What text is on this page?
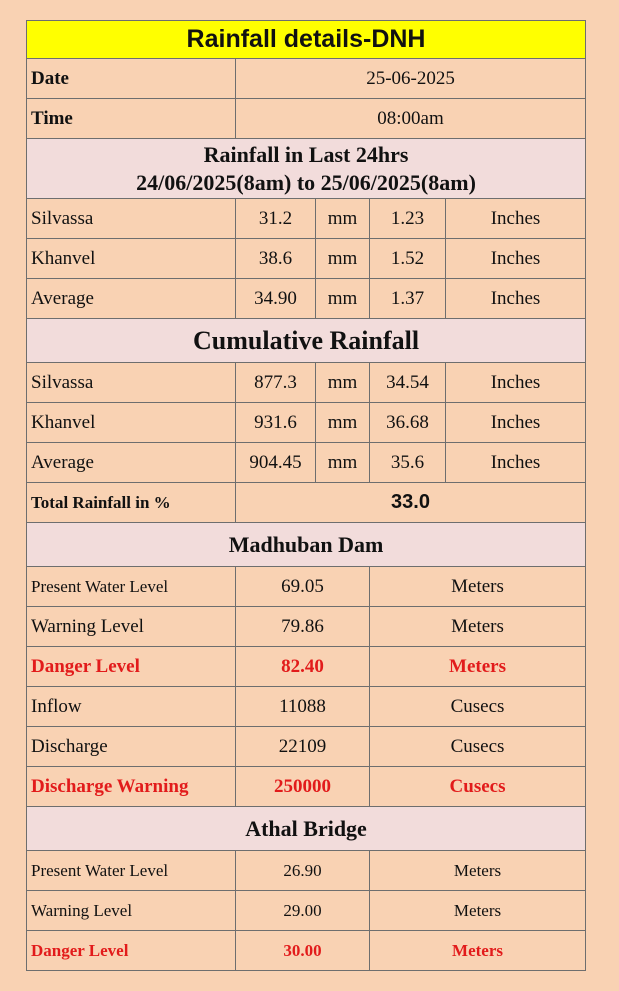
Rainfall details-DNH				
Date	25-06-2025			
Time	08:00am			

Rainfall in Last 24hrs
24/06/2025(8am) to 25/06/2025(8am)				

Silvassa	31.2	mm	1.23	Inches
Khanvel	38.6	mm	1.52	Inches
Average	34.90	mm	1.37	Inches
Cumulative Rainfall				
Silvassa	877.3	mm	34.54	Inches
Khanvel	931.6	mm	36.68	Inches
Average	904.45	mm	35.6	Inches
Total Rainfall in %	33.0			
Madhuban Dam				
Present Water Level	69.05		Meters	
Warning Level	79.86		Meters	
Danger Level	82.40		Meters	
Inflow	11088		Cusecs	
Discharge	22109		Cusecs	
Discharge Warning	250000		Cusecs	
Athal Bridge				
Present Water Level	26.90		Meters	
Warning Level	29.00		Meters	
Danger Level	30.00		Meters	
